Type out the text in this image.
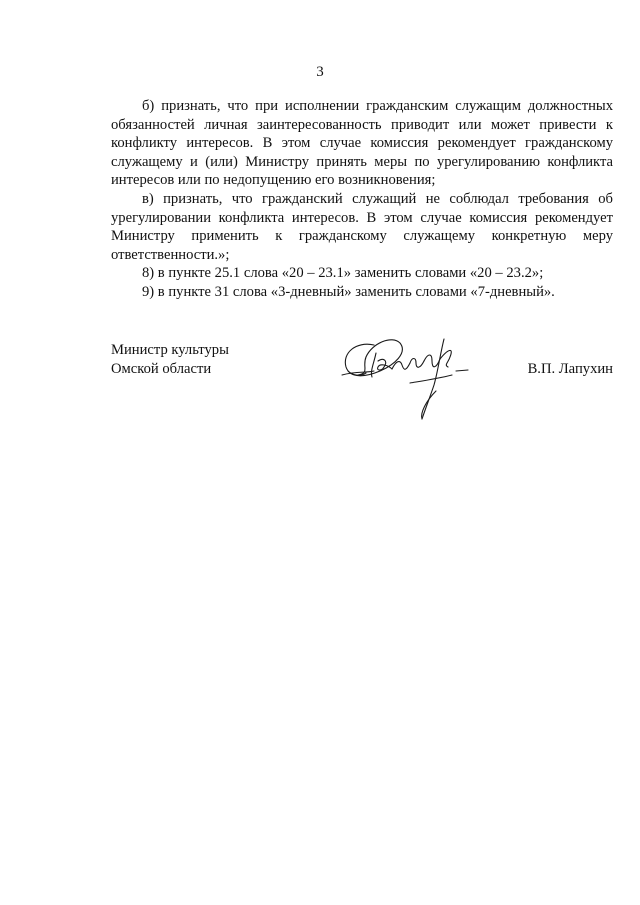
3

б) признать, что при исполнении гражданским служащим должностных обязанностей личная заинтересованность приводит или может привести к конфликту интересов. В этом случае комиссия рекомендует гражданскому служащему и (или) Министру принять меры по урегулированию конфликта интересов или по недопущению его возникновения;

в) признать, что гражданский служащий не соблюдал требования об урегулировании конфликта интересов. В этом случае комиссия рекомендует Министру применить к гражданскому служащему конкретную меру ответственности.»;

8) в пункте 25.1 слова «20 – 23.1» заменить словами «20 – 23.2»;

9) в пункте 31 слова «3-дневный» заменить словами «7-дневный».

Министр культуры
Омской области	В.П. Лапухин
